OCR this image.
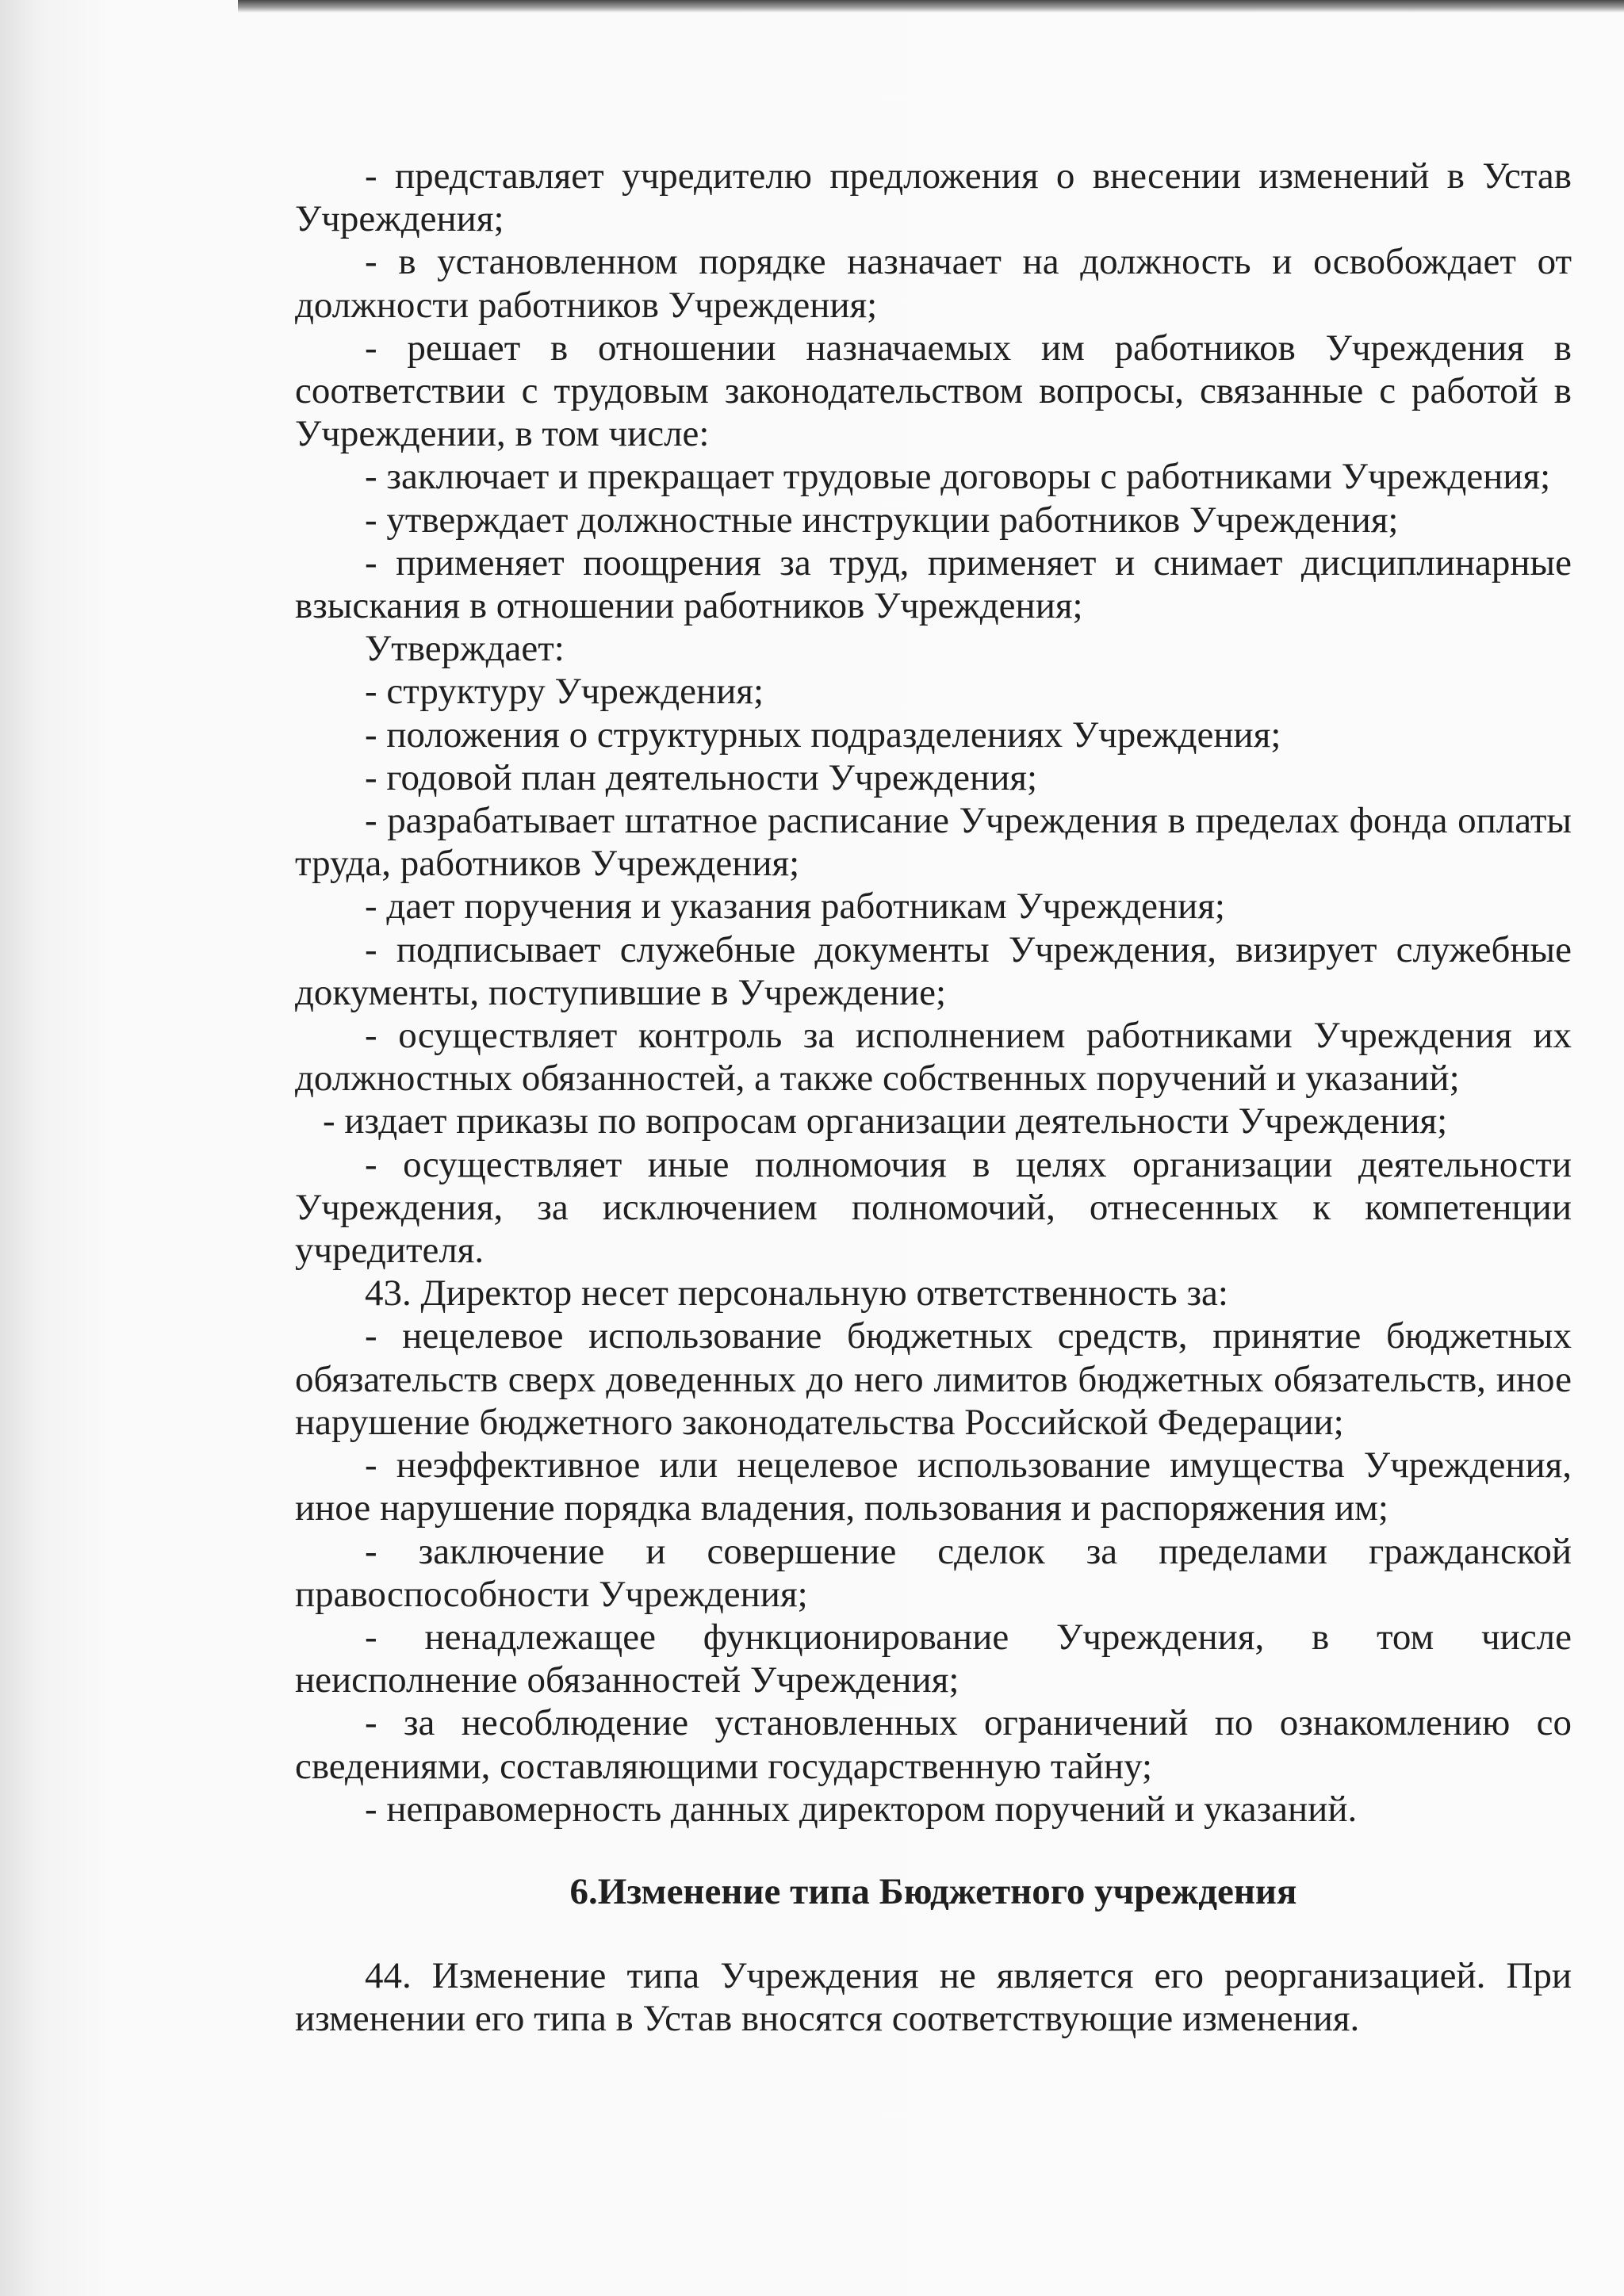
- представляет учредителю предложения о внесении изменений в Устав Учреждения;

- в установленном порядке назначает на должность и освобождает от должности работников Учреждения;

- решает в отношении назначаемых им работников Учреждения в соответствии с трудовым законодательством вопросы, связанные с работой в Учреждении, в том числе:

- заключает и прекращает трудовые договоры с работниками Учреждения;

- утверждает должностные инструкции работников Учреждения;

- применяет поощрения за труд, применяет и снимает дисциплинарные взыскания в отношении работников Учреждения;

Утверждает:

- структуру Учреждения;

- положения о структурных подразделениях Учреждения;

- годовой план деятельности Учреждения;

- разрабатывает штатное расписание Учреждения в пределах фонда оплаты труда, работников Учреждения;

- дает поручения и указания работникам Учреждения;

- подписывает служебные документы Учреждения, визирует служебные документы, поступившие в Учреждение;

- осуществляет контроль за исполнением работниками Учреждения их должностных обязанностей, а также собственных поручений и указаний;

- издает приказы по вопросам организации деятельности Учреждения;

- осуществляет иные полномочия в целях организации деятельности Учреждения, за исключением полномочий, отнесенных к компетенции учредителя.

43. Директор несет персональную ответственность за:

- нецелевое использование бюджетных средств, принятие бюджетных обязательств сверх доведенных до него лимитов бюджетных обязательств, иное нарушение бюджетного законодательства Российской Федерации;

- неэффективное или нецелевое использование имущества Учреждения, иное нарушение порядка владения, пользования и распоряжения им;

- заключение и совершение сделок за пределами гражданской правоспособности Учреждения;

- ненадлежащее функционирование Учреждения, в том числе неисполнение обязанностей Учреждения;

- за несоблюдение установленных ограничений по ознакомлению со сведениями, составляющими государственную тайну;

- неправомерность данных директором поручений и указаний.

6.Изменение типа Бюджетного учреждения

44. Изменение типа Учреждения не является его реорганизацией. При изменении его типа в Устав вносятся соответствующие изменения.
